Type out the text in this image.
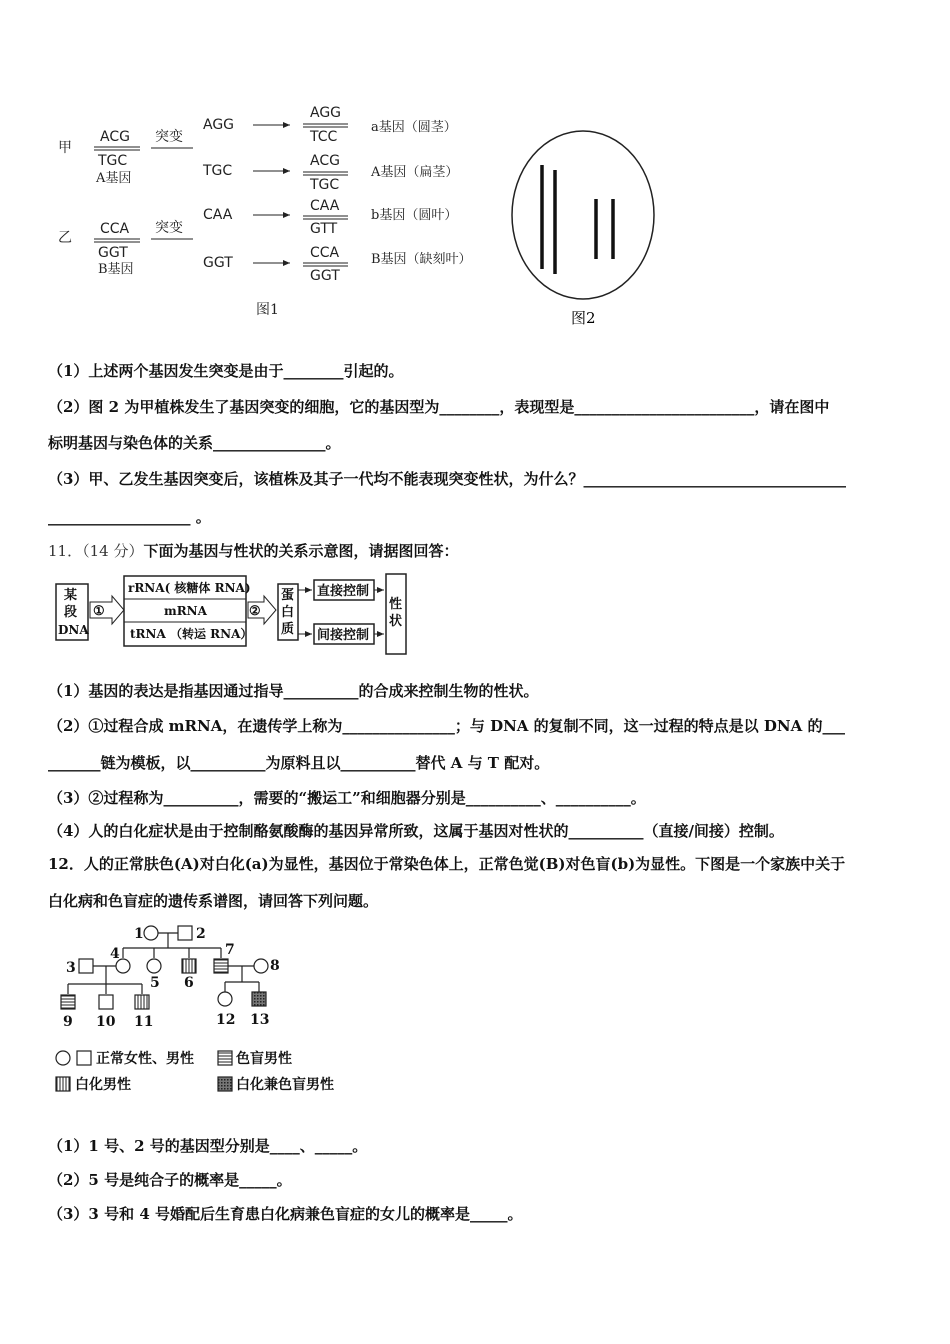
甲
ACG
TGC
A基因
突变
AGG
AGG
TCC
a基因（圆茎）
TGC
ACG
TGC
A基因（扁茎）
乙
CCA
GGT
B基因
突变
CAA
CAA
GTT
b基因（圆叶）
GGT
CCA
GGT
B基因（缺刻叶）
图1	图2
（1）上述两个基因发生突变是由于________引起的。
（2）图 2 为甲植株发生了基因突变的细胞，它的基因型为________，表现型是________________________，请在图中
标明基因与染色体的关系_______________。
（3）甲、乙发生基因突变后，该植株及其子一代均不能表现突变性状，为什么？___________________________________
___________________ 。
11．（14 分）下面为基因与性状的关系示意图，请据图回答：
某
段
DNA
①
rRNA( 核糖体 RNA)
mRNA
tRNA （转运 RNA）
②
蛋
白
质
直接控制
间接控制
性
状
（1）基因的表达是指基因通过指导__________的合成来控制生物的性状。
（2）①过程合成 mRNA，在遗传学上称为_______________；与 DNA 的复制不同，这一过程的特点是以 DNA 的___
_______链为模板，以__________为原料且以__________替代 A 与 T 配对。
（3）②过程称为__________，需要的“搬运工”和细胞器分别是__________、__________。
（4）人的白化症状是由于控制酪氨酸酶的基因异常所致，这属于基因对性状的__________（直接/间接）控制。
12．人的正常肤色(A)对白化(a)为显性，基因位于常染色体上，正常色觉(B)对色盲(b)为显性。下图是一个家族中关于
白化病和色盲症的遗传系谱图，请回答下列问题。
1	2
3
4
5 6
7
8
9 10 11	12 13
正常女性、男性	色盲男性
白化男性	白化兼色盲男性
（1）1 号、2 号的基因型分别是____、_____。
（2）5 号是纯合子的概率是_____。
（3）3 号和 4 号婚配后生育患白化病兼色盲症的女儿的概率是_____。
